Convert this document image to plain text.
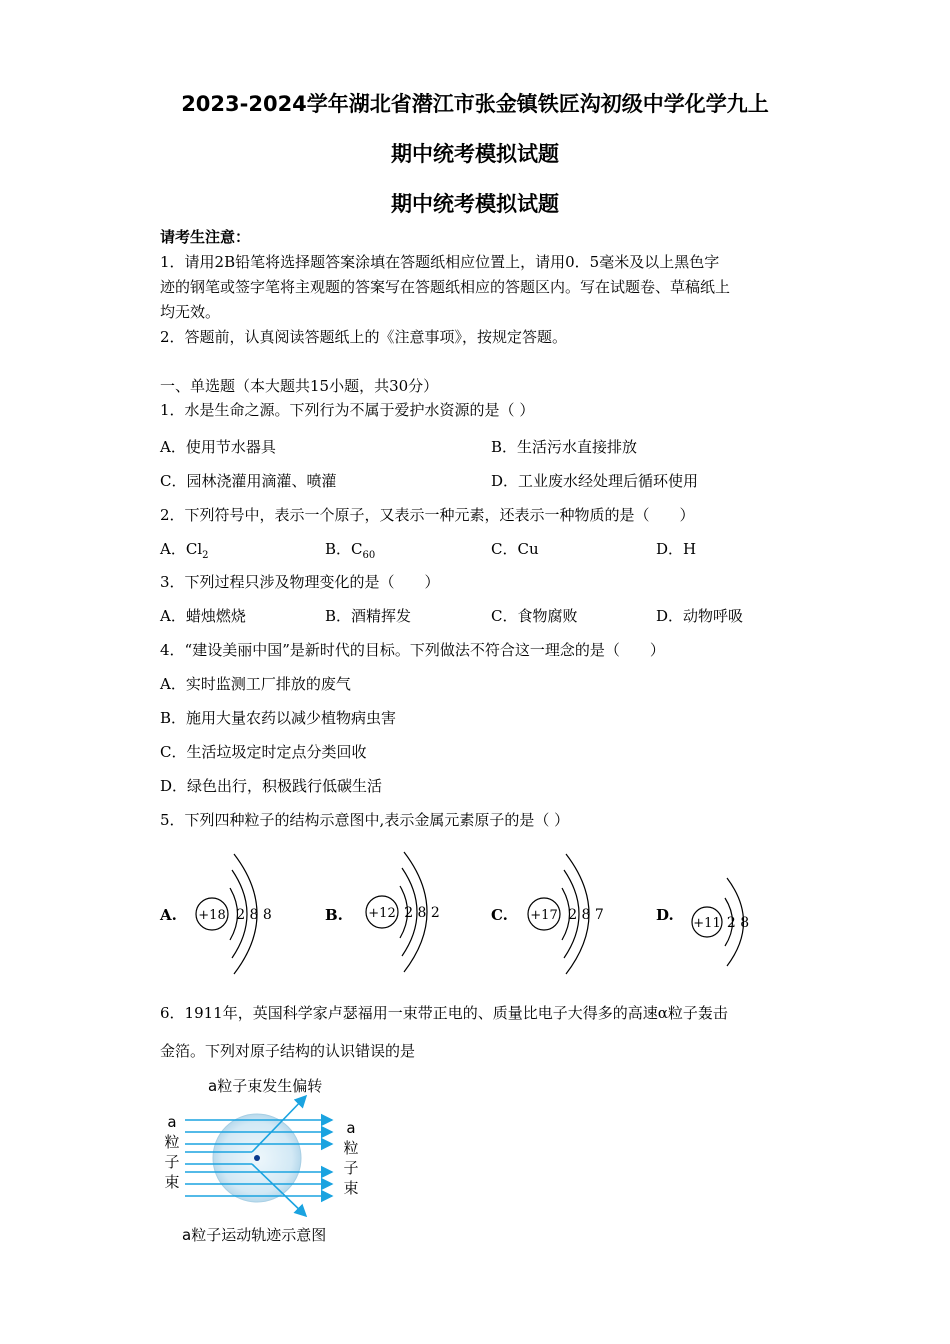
2023-2024学年湖北省潜江市张金镇铁匠沟初级中学化学九上
期中统考模拟试题
期中统考模拟试题
请考生注意：
1．请用2B铅笔将选择题答案涂填在答题纸相应位置上，请用0．5毫米及以上黑色字
迹的钢笔或签字笔将主观题的答案写在答题纸相应的答题区内。写在试题卷、草稿纸上
均无效。
2．答题前，认真阅读答题纸上的《注意事项》，按规定答题。
一、单选题（本大题共15小题，共30分）
1．水是生命之源。下列行为不属于爱护水资源的是（ ）
A．使用节水器具	B．生活污水直接排放
C．园林浇灌用滴灌、喷灌	D．工业废水经处理后循环使用
2．下列符号中，表示一个原子，又表示一种元素，还表示一种物质的是（　　）
A．$Cl_2$	B．$C_{60}$	C．Cu	D．H
3．下列过程只涉及物理变化的是（　　）
A．蜡烛燃烧	B．酒精挥发	C．食物腐败	D．动物呼吸
4．“建设美丽中国”是新时代的目标。下列做法不符合这一理念的是（　　）
A．实时监测工厂排放的废气
B．施用大量农药以减少植物病虫害
C．生活垃圾定时定点分类回收
D．绿色出行，积极践行低碳生活
5．下列四种粒子的结构示意图中,表示金属元素原子的是（ ）
A. +18 2 8 8	B. +12 2 8 2	C. +17 2 8 7	D. +11 2 8
6．1911年，英国科学家卢瑟福用一束带正电的、质量比电子大得多的高速α粒子轰击
金箔。下列对原子结构的认识错误的是
a粒子束发生偏转
a
粒
子
束
a
粒
子
束
a粒子运动轨迹示意图
